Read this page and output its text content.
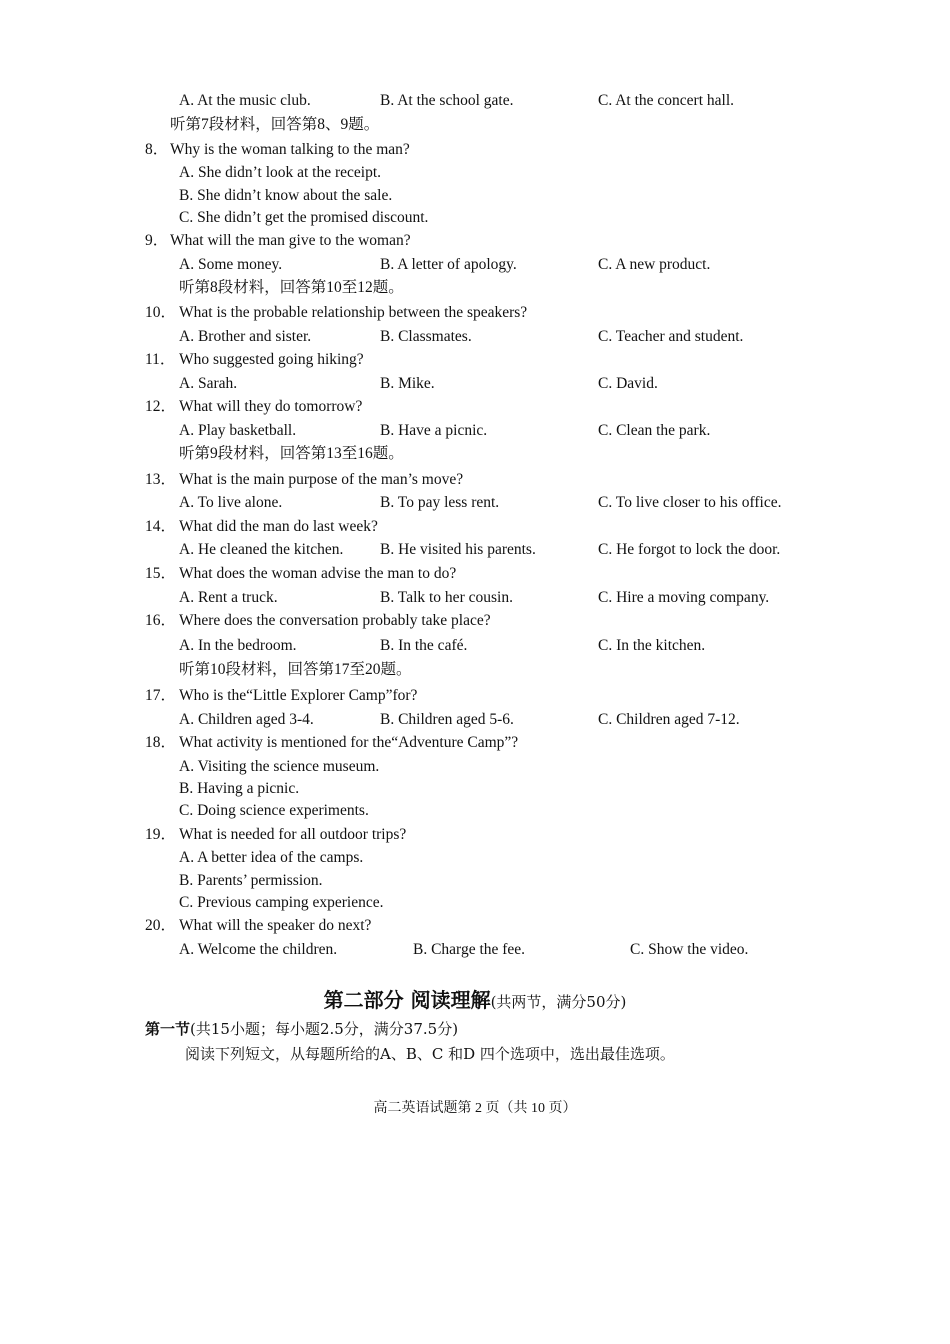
A. At the music club.	B. At the school gate.	C. At the concert hall.
听第7段材料，回答第8、9题。
8． Why is the woman talking to the man?
A. She didn’t look at the receipt.
B. She didn’t know about the sale.
C. She didn’t get the promised discount.
9． What will the man give to the woman?
A. Some money.	B. A letter of apology.	C. A new product.
听第8段材料，回答第10至12题。
10． What is the probable relationship between the speakers?
A. Brother and sister.	B. Classmates.	C. Teacher and student.
11． Who suggested going hiking?
A. Sarah.	B. Mike.	C. David.
12． What will they do tomorrow?
A. Play basketball.	B. Have a picnic.	C. Clean the park.
听第9段材料，回答第13至16题。
13． What is the main purpose of the man’s move?
A. To live alone.	B. To pay less rent.	C. To live closer to his office.
14． What did the man do last week?
A. He cleaned the kitchen. B. He visited his parents.	C. He forgot to lock the door.
15． What does the woman advise the man to do?
A. Rent a truck.	B. Talk to her cousin.	C. Hire a moving company.
16． Where does the conversation probably take place?
A. In the bedroom.	B. In the café.	C. In the kitchen.
听第10段材料，回答第17至20题。
17． Who is the“Little Explorer Camp”for?
A. Children aged 3-4.	B. Children aged 5-6.	C. Children aged 7-12.
18． What activity is mentioned for the“Adventure Camp”?
A. Visiting the science museum.
B. Having a picnic.
C. Doing science experiments.
19． What is needed for all outdoor trips?
A. A better idea of the camps.
B. Parents’ permission.
C. Previous camping experience.
20． What will the speaker do next?
A. Welcome the children.	B. Charge the fee.	C. Show the video.
第二部分 阅读理解(共两节，满分50分)
第一节(共15小题；每小题2.5分，满分37.5分)
阅读下列短文，从每题所给的A、B、C 和D 四个选项中，选出最佳选项。
高二英语试题第 2 页（共 10 页）
